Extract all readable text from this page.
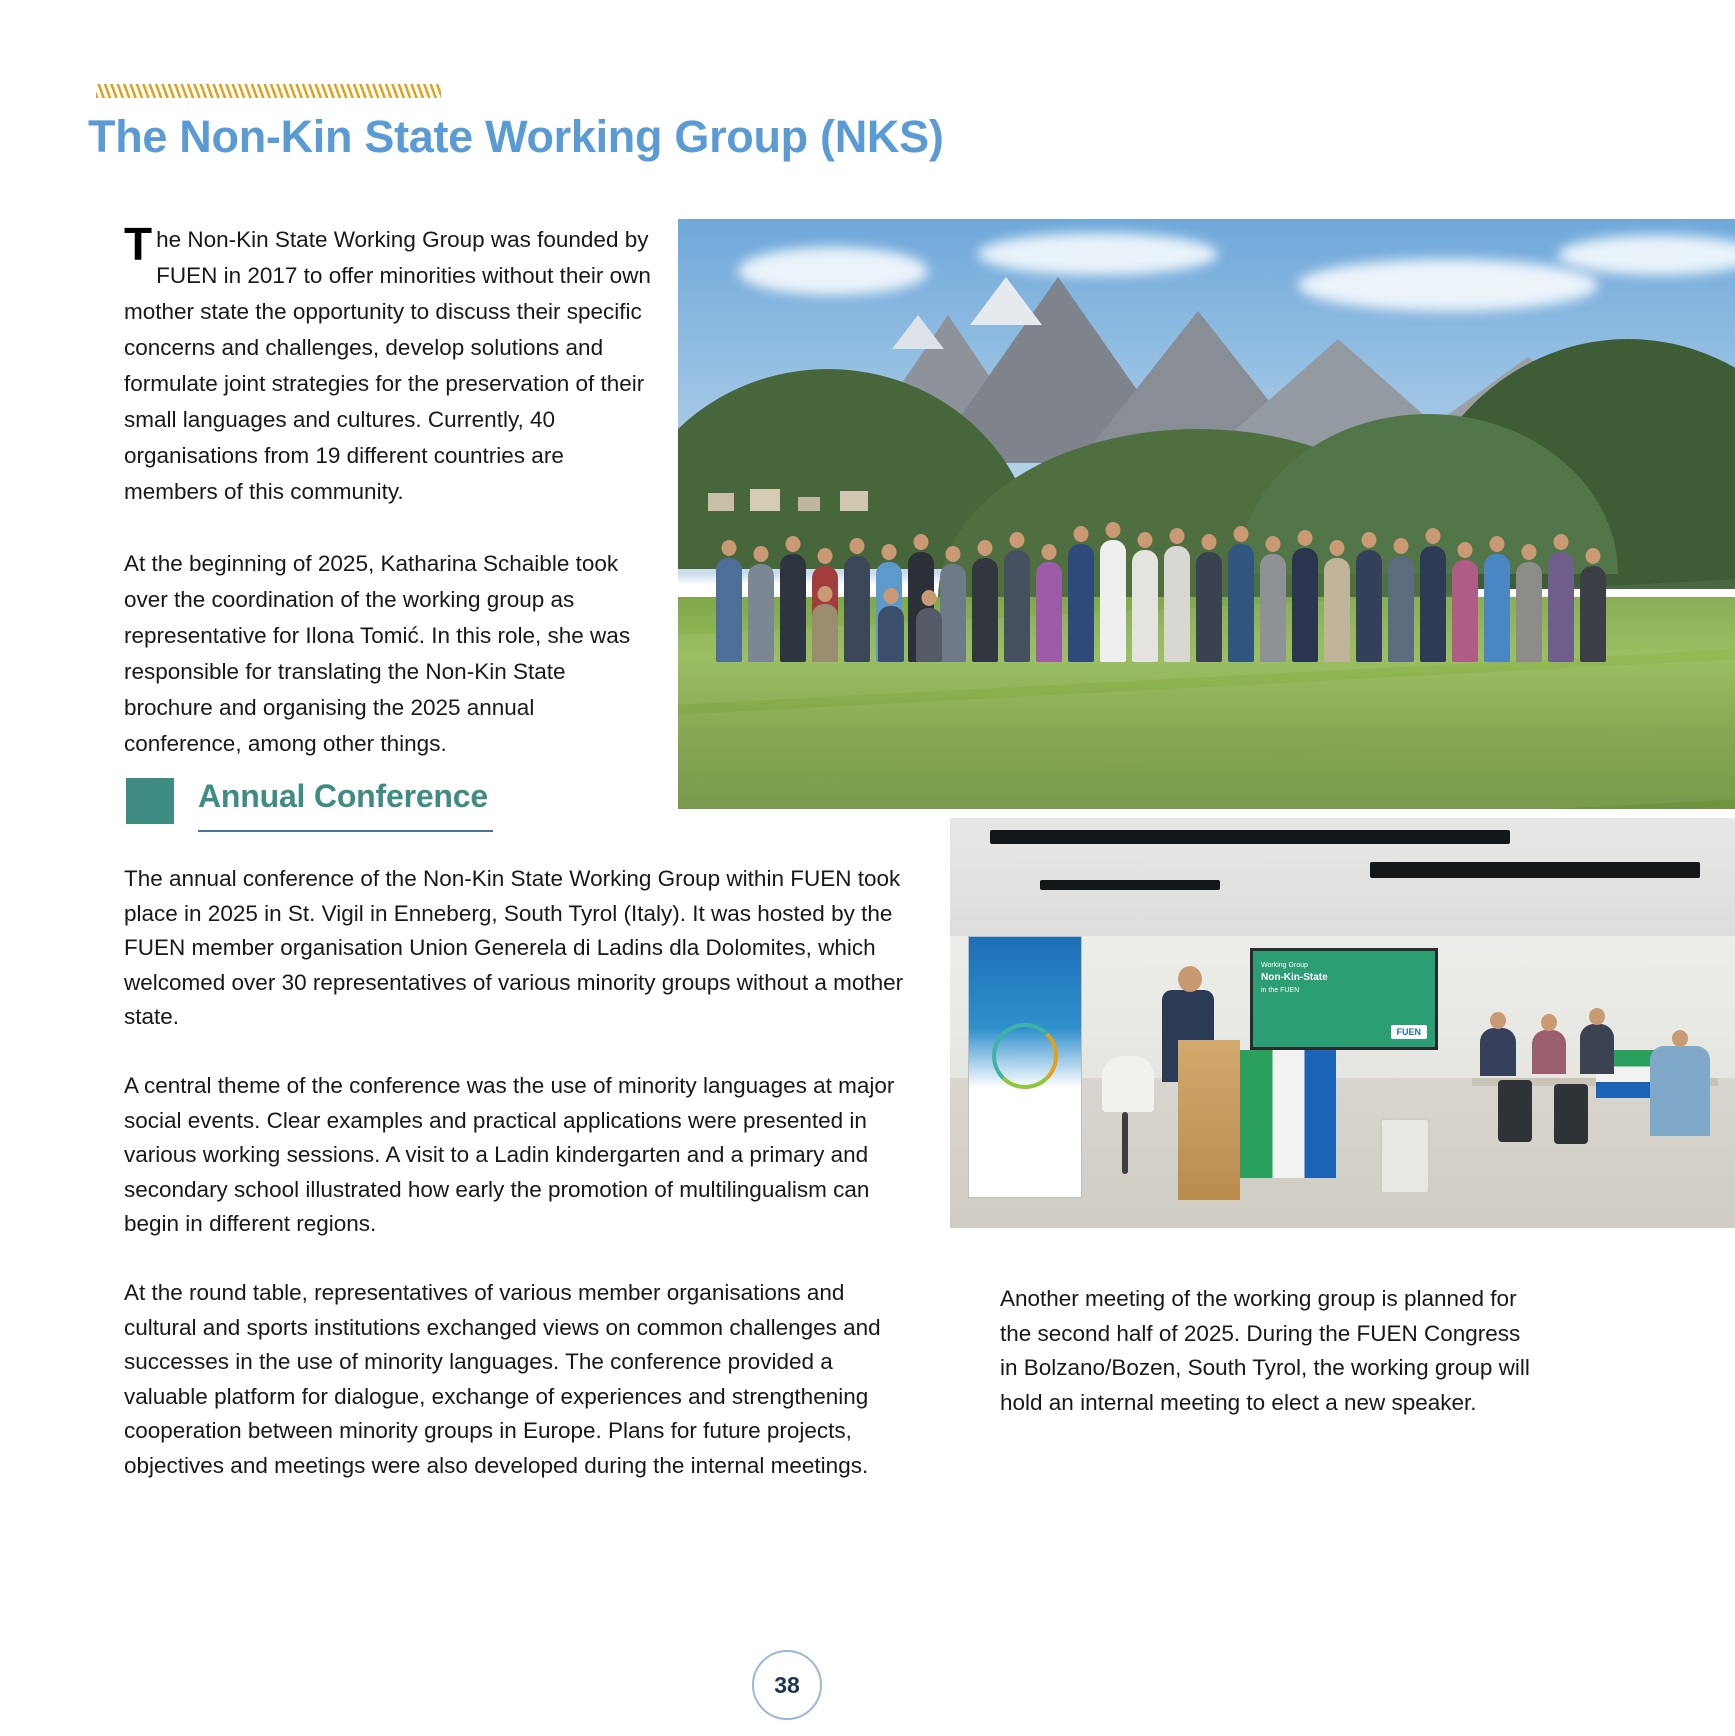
The Non-Kin State Working Group (NKS)

The Non-Kin State Working Group was founded by FUEN in 2017 to offer minorities without their own mother state the opportunity to discuss their specific concerns and challenges, develop solutions and formulate joint strategies for the preservation of their small languages and cultures. Currently, 40 organisations from 19 different countries are members of this community.

At the beginning of 2025, Katharina Schaible took over the coordination of the working group as representative for Ilona Tomić. In this role, she was responsible for translating the Non-Kin State brochure and organising the 2025 annual conference, among other things.

Annual Conference

The annual conference of the Non-Kin State Working Group within FUEN took place in 2025 in St. Vigil in Enneberg, South Tyrol (Italy). It was hosted by the FUEN member organisation Union Generela di Ladins dla Dolomites, which welcomed over 30 representatives of various minority groups without a mother state.

A central theme of the conference was the use of minority languages at major social events. Clear examples and practical applications were presented in various working sessions. A visit to a Ladin kindergarten and a primary and secondary school illustrated how early the promotion of multilingualism can begin in different regions.

At the round table, representatives of various member organisations and cultural and sports institutions exchanged views on common challenges and successes in the use of minority languages. The conference provided a valuable platform for dialogue, exchange of experiences and strengthening cooperation between minority groups in Europe. Plans for future projects, objectives and meetings were also developed during the internal meetings.

FUEN
Working Group
Non-Kin-State
in the FUEN
FUEN

Another meeting of the working group is planned for the second half of 2025. During the FUEN Congress in Bolzano/Bozen, South Tyrol, the working group will hold an internal meeting to elect a new speaker.

38
